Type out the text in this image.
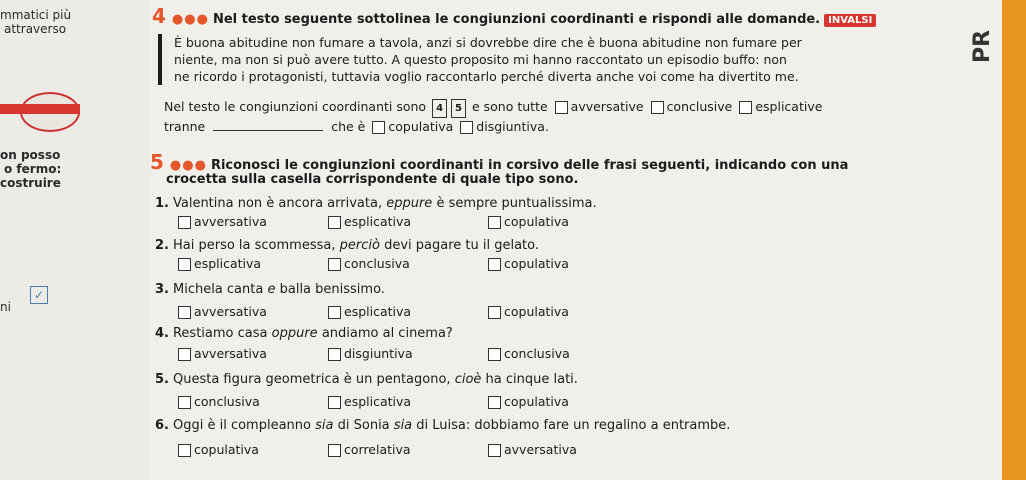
mmatici più
attraverso
on posso
o fermo:
costruire
ni
✓
PR
4 ●●● Nel testo seguente sottolinea le congiunzioni coordinanti e rispondi alle domande. INVALSI
È buona abitudine non fumare a tavola, anzi si dovrebbe dire che è buona abitudine non fumare per
niente, ma non si può avere tutto. A questo proposito mi hanno raccontato un episodio buffo: non
ne ricordo i protagonisti, tuttavia voglio raccontarlo perché diverta anche voi come ha divertito me.
Nel testo le congiunzioni coordinanti sono 4 5 e sono tutte avversative conclusive esplicative
tranne	che è copulativa disgiuntiva.
5 ●●● Riconosci le congiunzioni coordinanti in corsivo delle frasi seguenti, indicando con una
crocetta sulla casella corrispondente di quale tipo sono.
1. Valentina non è ancora arrivata, eppure è sempre puntualissima.
avversativa	esplicativa	copulativa
2. Hai perso la scommessa, perciò devi pagare tu il gelato.
esplicativa	conclusiva	copulativa
3. Michela canta e balla benissimo.
avversativa	esplicativa	copulativa
4. Restiamo casa oppure andiamo al cinema?
avversativa	disgiuntiva	conclusiva
5. Questa figura geometrica è un pentagono, cioè ha cinque lati.
conclusiva	esplicativa	copulativa
6. Oggi è il compleanno sia di Sonia sia di Luisa: dobbiamo fare un regalino a entrambe.
copulativa	correlativa	avversativa
